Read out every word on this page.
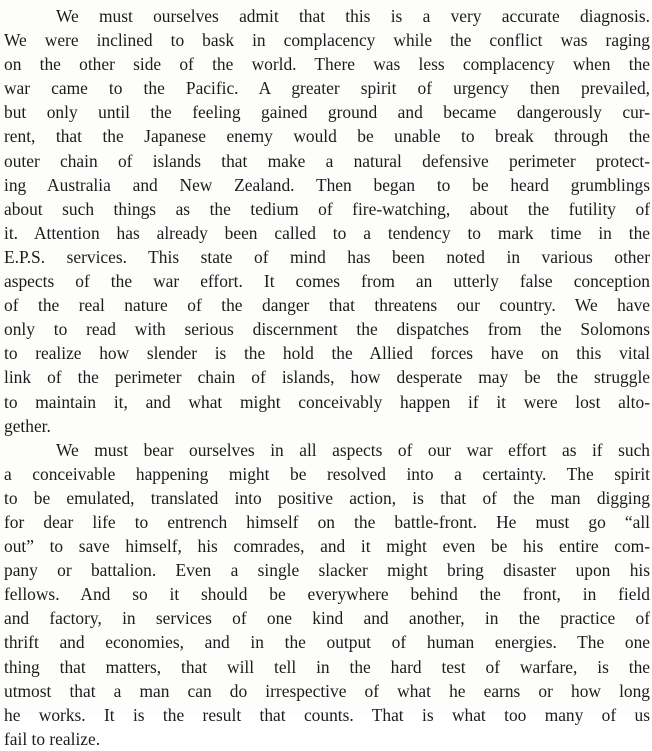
We must ourselves admit that this is a very accurate diagnosis.
We were inclined to bask in complacency while the conflict was raging
on the other side of the world. There was less complacency when the
war came to the Pacific. A greater spirit of urgency then prevailed,
but only until the feeling gained ground and became dangerously cur-
rent, that the Japanese enemy would be unable to break through the
outer chain of islands that make a natural defensive perimeter protect-
ing Australia and New Zealand. Then began to be heard grumblings
about such things as the tedium of fire-watching, about the futility of
it. Attention has already been called to a tendency to mark time in the
E.P.S. services. This state of mind has been noted in various other
aspects of the war effort. It comes from an utterly false conception
of the real nature of the danger that threatens our country. We have
only to read with serious discernment the dispatches from the Solomons
to realize how slender is the hold the Allied forces have on this vital
link of the perimeter chain of islands, how desperate may be the struggle
to maintain it, and what might conceivably happen if it were lost alto-
gether.
We must bear ourselves in all aspects of our war effort as if such
a conceivable happening might be resolved into a certainty. The spirit
to be emulated, translated into positive action, is that of the man digging
for dear life to entrench himself on the battle-front. He must go “all
out” to save himself, his comrades, and it might even be his entire com-
pany or battalion. Even a single slacker might bring disaster upon his
fellows. And so it should be everywhere behind the front, in field
and factory, in services of one kind and another, in the practice of
thrift and economies, and in the output of human energies. The one
thing that matters, that will tell in the hard test of warfare, is the
utmost that a man can do irrespective of what he earns or how long
he works. It is the result that counts. That is what too many of us
fail to realize.
